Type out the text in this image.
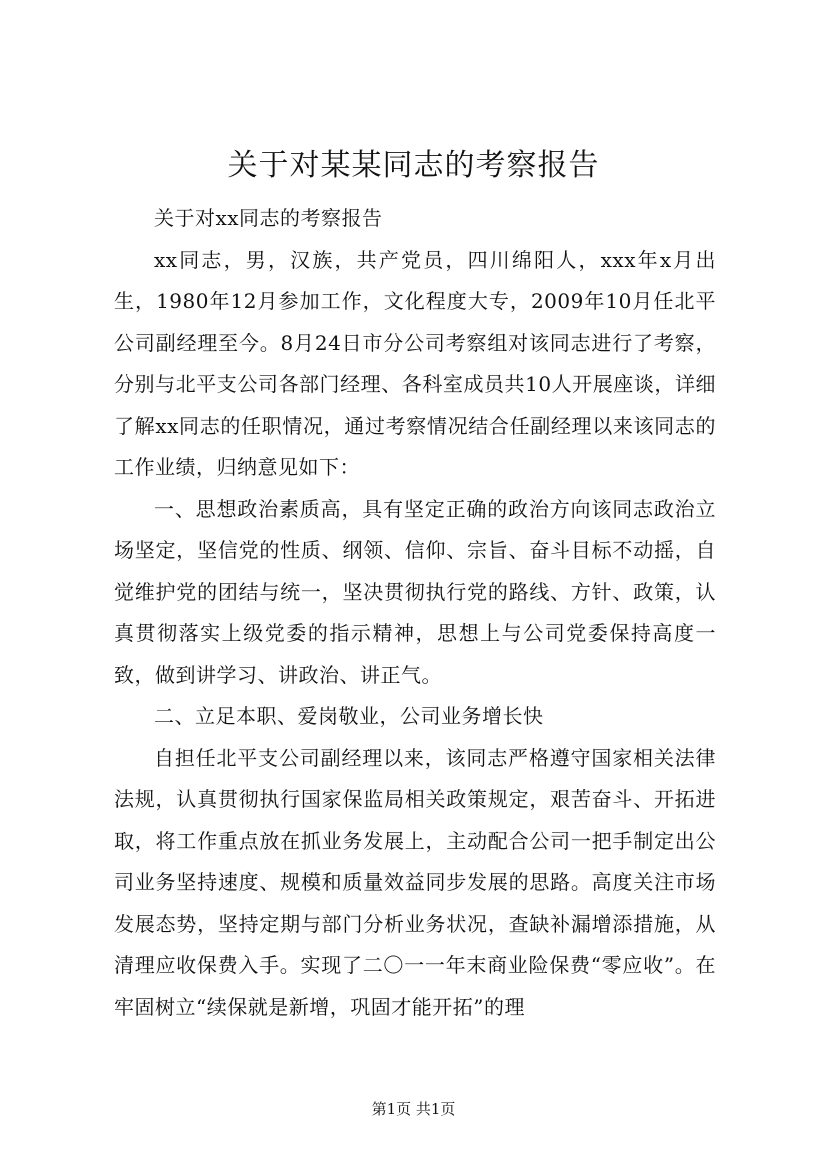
关于对某某同志的考察报告

关于对xx同志的考察报告

xx同志，男，汉族，共产党员，四川绵阳人，xxx年x月出生，1980年12月参加工作，文化程度大专，2009年10月任北平公司副经理至今。8月24日市分公司考察组对该同志进行了考察，分别与北平支公司各部门经理、各科室成员共10人开展座谈，详细了解xx同志的任职情况，通过考察情况结合任副经理以来该同志的工作业绩，归纳意见如下：

一、思想政治素质高，具有坚定正确的政治方向该同志政治立场坚定，坚信党的性质、纲领、信仰、宗旨、奋斗目标不动摇，自觉维护党的团结与统一，坚决贯彻执行党的路线、方针、政策，认真贯彻落实上级党委的指示精神，思想上与公司党委保持高度一致，做到讲学习、讲政治、讲正气。

二、立足本职、爱岗敬业，公司业务增长快

自担任北平支公司副经理以来，该同志严格遵守国家相关法律法规，认真贯彻执行国家保监局相关政策规定，艰苦奋斗、开拓进取，将工作重点放在抓业务发展上，主动配合公司一把手制定出公司业务坚持速度、规模和质量效益同步发展的思路。高度关注市场发展态势，坚持定期与部门分析业务状况，查缺补漏增添措施，从清理应收保费入手。实现了二〇一一年末商业险保费“零应收”。在牢固树立“续保就是新增，巩固才能开拓”的理

第1页 共1页
